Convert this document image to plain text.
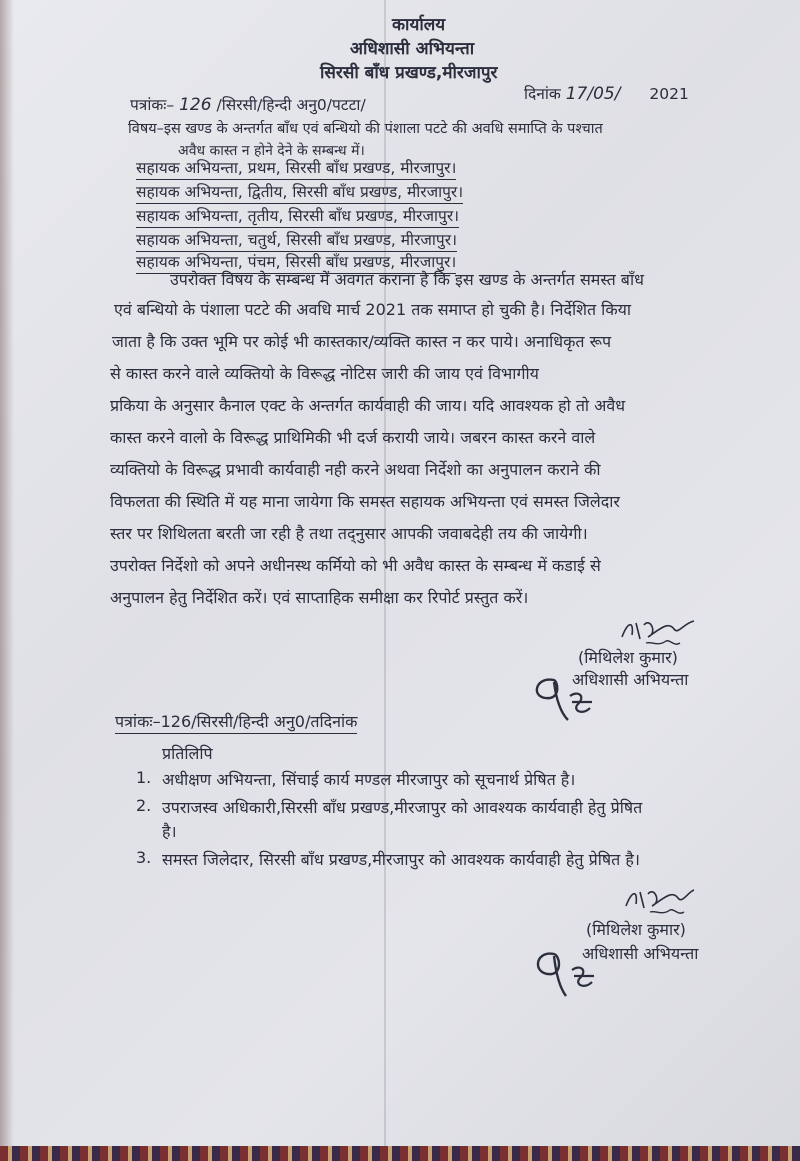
कार्यालय
अधिशासी अभियन्ता
सिरसी बाँध प्रखण्ड,मीरजापुर
पत्रांकः– 126 /सिरसी/हिन्दी अनु0/पटटा/
दिनांक 17/05/ 2021
विषय–इस खण्ड के अन्तर्गत बाँध एवं बन्धियो की पंशाला पटटे की अवधि समाप्ति के पश्चात
अवैध कास्त न होने देने के सम्बन्ध में।
सहायक अभियन्ता, प्रथम, सिरसी बाँध प्रखण्ड, मीरजापुर।
सहायक अभियन्ता, द्वितीय, सिरसी बाँध प्रखण्ड, मीरजापुर।
सहायक अभियन्ता, तृतीय, सिरसी बाँध प्रखण्ड, मीरजापुर।
सहायक अभियन्ता, चतुर्थ, सिरसी बाँध प्रखण्ड, मीरजापुर।
सहायक अभियन्ता, पंचम, सिरसी बाँध प्रखण्ड, मीरजापुर।
उपरोक्त विषय के सम्बन्ध में अवगत कराना है कि इस खण्ड के अन्तर्गत समस्त बाँध
एवं बन्धियो के पंशाला पटटे की अवधि मार्च 2021 तक समाप्त हो चुकी है। निर्देशित किया
जाता है कि उक्त भूमि पर कोई भी कास्तकार/व्यक्ति कास्त न कर पाये। अनाधिकृत रूप
से कास्त करने वाले व्यक्तियो के विरूद्ध नोटिस जारी की जाय एवं विभागीय
प्रकिया के अनुसार कैनाल एक्ट के अन्तर्गत कार्यवाही की जाय। यदि आवश्यक हो तो अवैध
कास्त करने वालो के विरूद्ध प्राथिमिकी भी दर्ज करायी जाये। जबरन कास्त करने वाले
व्यक्तियो के विरूद्ध प्रभावी कार्यवाही नही करने अथवा निर्देशो का अनुपालन कराने की
विफलता की स्थिति में यह माना जायेगा कि समस्त सहायक अभियन्ता एवं समस्त जिलेदार
स्तर पर शिथिलता बरती जा रही है तथा तद्नुसार आपकी जवाबदेही तय की जायेगी।
उपरोक्त निर्देशो को अपने अधीनस्थ कर्मियो को भी अवैध कास्त के सम्बन्ध में कडाई से
अनुपालन हेतु निर्देशित करें। एवं साप्ताहिक समीक्षा कर रिपोर्ट प्रस्तुत करें।
(मिथिलेश कुमार)
अधिशासी अभियन्ता
पत्रांकः–126/सिरसी/हिन्दी अनु0/तदिनांक
प्रतिलिपि
1. अधीक्षण अभियन्ता, सिंचाई कार्य मण्डल मीरजापुर को सूचनार्थ प्रेषित है।
2. उपराजस्व अधिकारी,सिरसी बाँध प्रखण्ड,मीरजापुर को आवश्यक कार्यवाही हेतु प्रेषित
है।
3. समस्त जिलेदार, सिरसी बाँध प्रखण्ड,मीरजापुर को आवश्यक कार्यवाही हेतु प्रेषित है।
(मिथिलेश कुमार)
अधिशासी अभियन्ता
